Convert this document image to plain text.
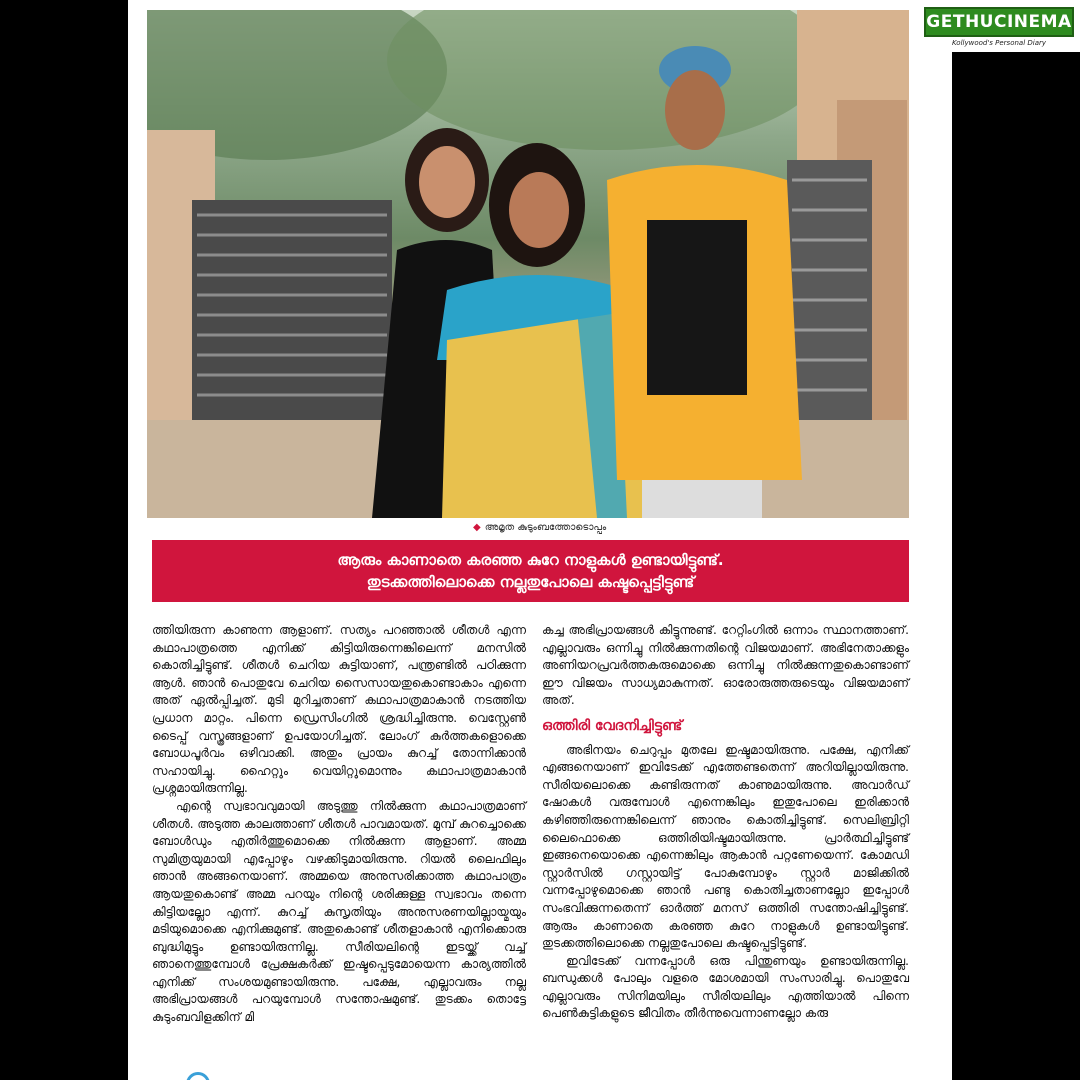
◆ അമൃത കുടുംബത്തോടൊപ്പം
ആരും കാണാതെ കരഞ്ഞ കുറേ നാളുകൾ ഉണ്ടായിട്ടുണ്ട്.
തുടക്കത്തിലൊക്കെ നല്ലതുപോലെ കഷ്ടപ്പെട്ടിട്ടുണ്ട്

ത്തിയിരുന്ന കാണുന്ന ആളാണ്. സത്യം പറഞ്ഞാൽ ശീതൾ എന്ന കഥാപാത്രത്തെ എനിക്ക് കിട്ടിയിരുന്നെങ്കിലെന്ന് മനസിൽ കൊതിച്ചിട്ടുണ്ട്. ശീതൾ ചെറിയ കുട്ടിയാണ്, പന്ത്രണ്ടിൽ പഠിക്കുന്ന ആൾ. ഞാൻ പൊതുവേ ചെറിയ സൈസായതുകൊണ്ടാകാം എന്നെ അത് ഏൽപ്പിച്ചത്. മുടി മുറിച്ചതാണ് കഥാപാത്രമാകാൻ നടത്തിയ പ്രധാന മാറ്റം. പിന്നെ ഡ്രെസിംഗിൽ ശ്രദ്ധിച്ചിരുന്നു. വെസ്റ്റേൺ ടൈപ്പ് വസ്ത്രങ്ങളാണ് ഉപയോഗിച്ചത്. ലോംഗ് കുർത്തകളൊക്കെ ബോധപൂർവം ഒഴിവാക്കി. അതും പ്രായം കുറച്ച് തോന്നിക്കാൻ സഹായിച്ചു. ഹൈറ്റും വെയിറ്റുമൊന്നും കഥാപാത്രമാകാൻ പ്രശ്നമായിരുന്നില്ല.

എന്റെ സ്വഭാവവുമായി അടുത്തു നിൽക്കുന്ന കഥാപാത്രമാണ് ശീതൾ. അടുത്ത കാലത്താണ് ശീതൾ പാവമായത്. മുമ്പ് കുറച്ചൊക്കെ ബോൾഡും എതിർത്തുമൊക്കെ നിൽക്കുന്ന ആളാണ്. അമ്മ സുമിത്രയുമായി എപ്പോഴും വഴക്കിടുമായിരുന്നു. റിയൽ ലൈഫിലും ഞാൻ അങ്ങനെയാണ്. അമ്മയെ അനുസരിക്കാത്ത കഥാപാത്രം ആയതുകൊണ്ട് അമ്മ പറയും നിന്റെ ശരിക്കുള്ള സ്വഭാവം തന്നെ കിട്ടിയല്ലോ എന്ന്. കുറച്ച് കുസൃതിയും അനുസരണയില്ലായ്മയും മടിയുമൊക്കെ എനിക്കുമുണ്ട്. അതുകൊണ്ട് ശീതളാകാൻ എനിക്കൊരു ബുദ്ധിമുട്ടും ഉണ്ടായിരുന്നില്ല. സീരിയലിന്റെ ഇടയ്ക്ക് വച്ച് ഞാനെത്തുമ്പോൾ പ്രേക്ഷകർക്ക് ഇഷ്ടപ്പെടുമോയെന്ന കാര്യത്തിൽ എനിക്ക് സംശയമുണ്ടായിരുന്നു. പക്ഷേ, എല്ലാവരും നല്ല അഭിപ്രായങ്ങൾ പറയുമ്പോൾ സന്തോഷമുണ്ട്. തുടക്കം തൊട്ടേ കുടുംബവിളക്കിന് മി

കച്ച അഭിപ്രായങ്ങൾ കിട്ടുന്നുണ്ട്. റേറ്റിംഗിൽ ഒന്നാം സ്ഥാനത്താണ്. എല്ലാവരും ഒന്നിച്ചു നിൽക്കുന്നതിന്റെ വിജയമാണ്. അഭിനേതാക്കളും അണിയറപ്രവർത്തകരുമൊക്കെ ഒന്നിച്ചു നിൽക്കുന്നതുകൊണ്ടാണ് ഈ വിജയം സാധ്യമാകുന്നത്. ഓരോരുത്തരുടെയും വിജയമാണ് അത്.

ഒത്തിരി വേദനിച്ചിട്ടുണ്ട്

അഭിനയം ചെറുപ്പം മുതലേ ഇഷ്ടമായിരുന്നു. പക്ഷേ, എനിക്ക് എങ്ങനെയാണ് ഇവിടേക്ക് എത്തേണ്ടതെന്ന് അറിയില്ലായിരുന്നു. സീരിയലൊക്കെ കണ്ടിരുന്നത് കാണുമായിരുന്നു. അവാർഡ് ഷോകൾ വരുമ്പോൾ എന്നെങ്കിലും ഇതുപോലെ ഇരിക്കാൻ കഴിഞ്ഞിരുന്നെങ്കിലെന്ന് ഞാനും കൊതിച്ചിട്ടുണ്ട്. സെലിബ്രിറ്റി ലൈഫൊക്കെ ഒത്തിരിയിഷ്ടമായിരുന്നു. പ്രാർത്ഥിച്ചിട്ടുണ്ട് ഇങ്ങനെയൊക്കെ എന്നെങ്കിലും ആകാൻ പറ്റണേയെന്ന്. കോമഡി സ്റ്റാർസിൽ ഗസ്റ്റായിട്ട് പോകുമ്പോഴും സ്റ്റാർ മാജിക്കിൽ വന്നപ്പോഴുമൊക്കെ ഞാൻ പണ്ടു കൊതിച്ചതാണല്ലോ ഇപ്പോൾ സംഭവിക്കുന്നതെന്ന് ഓർത്ത് മനസ് ഒത്തിരി സന്തോഷിച്ചിട്ടുണ്ട്. ആരും കാണാതെ കരഞ്ഞ കുറേ നാളുകൾ ഉണ്ടായിട്ടുണ്ട്. തുടക്കത്തിലൊക്കെ നല്ലതുപോലെ കഷ്ടപ്പെട്ടിട്ടുണ്ട്.

ഇവിടേക്ക് വന്നപ്പോൾ ഒരു പിന്തുണയും ഉണ്ടായിരുന്നില്ല. ബന്ധുക്കൾ പോലും വളരെ മോശമായി സംസാരിച്ചു. പൊതുവേ എല്ലാവരും സിനിമയിലും സീരിയലിലും എത്തിയാൽ പിന്നെ പെൺകുട്ടികളുടെ ജീവിതം തീർന്നുവെന്നാണല്ലോ കരു

GETHUCINEMA
Kollywood's Personal Diary
